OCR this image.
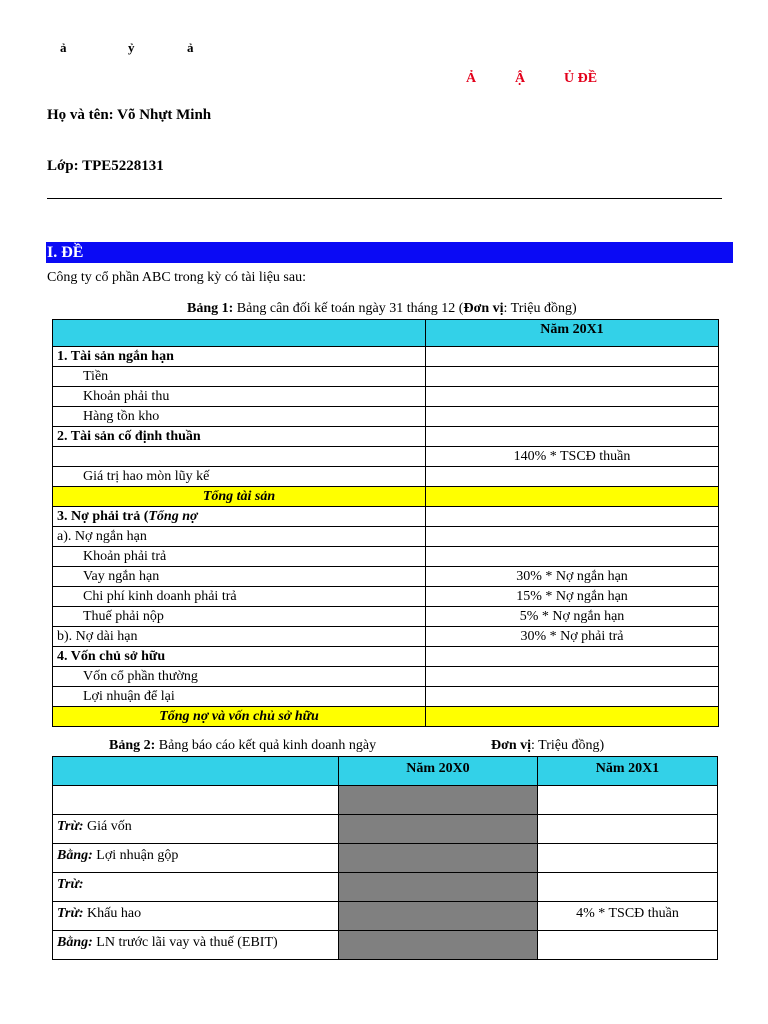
ả	ỷ	ả
Ả	Ậ	Ủ ĐỀ
Họ và tên: Võ Nhựt Minh
Lớp: TPE5228131
I. ĐỀ
Công ty cổ phần ABC trong kỳ có tài liệu sau:
Bảng 1: Bảng cân đối kế toán ngày 31 tháng 12 (Đơn vị: Triệu đồng)
	Năm 20X1
1. Tài sản ngắn hạn	
Tiền	
Khoản phải thu	
Hàng tồn kho	
2. Tài sản cố định thuần	
	140% * TSCĐ thuần
Giá trị hao mòn lũy kế	
Tổng tài sản	
3. Nợ phải trả (Tổng nợ	
a). Nợ ngắn hạn	
Khoản phải trả	
Vay ngắn hạn	30% * Nợ ngắn hạn
Chi phí kinh doanh phải trả	15% * Nợ ngắn hạn
Thuế phải nộp	5% * Nợ ngắn hạn
b). Nợ dài hạn	30% * Nợ phải trả
4. Vốn chủ sở hữu	
Vốn cổ phần thường	
Lợi nhuận để lại	
Tổng nợ và vốn chủ sở hữu	
Bảng 2: Bảng báo cáo kết quả kinh doanh ngày	Đơn vị: Triệu đồng)
	Năm 20X0	Năm 20X1

Trừ: Giá vốn		
Bằng: Lợi nhuận gộp		
Trừ:		
Trừ: Khấu hao		4% * TSCĐ thuần
Bằng: LN trước lãi vay và thuế (EBIT)		
